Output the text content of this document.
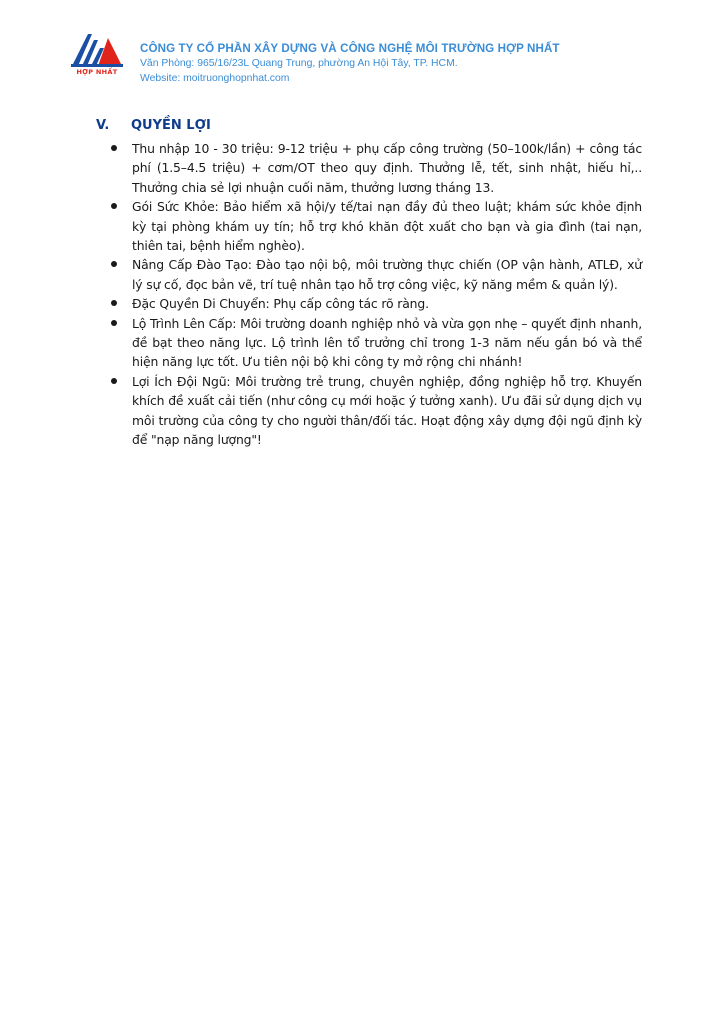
HỢP NHẤT
CÔNG TY CỔ PHẦN XÂY DỰNG VÀ CÔNG NGHỆ MÔI TRƯỜNG HỢP NHẤT
Văn Phòng: 965/16/23L Quang Trung, phường An Hội Tây, TP. HCM.
Website: moitruonghopnhat.com
V. QUYỀN LỢI
Thu nhập 10 - 30 triệu: 9-12 triệu + phụ cấp công trường (50–100k/lần) + công tác phí (1.5–4.5 triệu) + cơm/OT theo quy định. Thưởng lễ, tết, sinh nhật, hiếu hỉ,.. Thưởng chia sẻ lợi nhuận cuối năm, thưởng lương tháng 13.
Gói Sức Khỏe: Bảo hiểm xã hội/y tế/tai nạn đầy đủ theo luật; khám sức khỏe định kỳ tại phòng khám uy tín; hỗ trợ khó khăn đột xuất cho bạn và gia đình (tai nạn, thiên tai, bệnh hiểm nghèo).
Nâng Cấp Đào Tạo: Đào tạo nội bộ, môi trường thực chiến (OP vận hành, ATLĐ, xử lý sự cố, đọc bản vẽ, trí tuệ nhân tạo hỗ trợ công việc, kỹ năng mềm & quản lý).
Đặc Quyền Di Chuyển: Phụ cấp công tác rõ ràng.
Lộ Trình Lên Cấp: Môi trường doanh nghiệp nhỏ và vừa gọn nhẹ – quyết định nhanh, đề bạt theo năng lực. Lộ trình lên tổ trưởng chỉ trong 1-3 năm nếu gắn bó và thể hiện năng lực tốt. Ưu tiên nội bộ khi công ty mở rộng chi nhánh!
Lợi Ích Đội Ngũ: Môi trường trẻ trung, chuyên nghiệp, đồng nghiệp hỗ trợ. Khuyến khích đề xuất cải tiến (như công cụ mới hoặc ý tưởng xanh). Ưu đãi sử dụng dịch vụ môi trường của công ty cho người thân/đối tác. Hoạt động xây dựng đội ngũ định kỳ để "nạp năng lượng"!
